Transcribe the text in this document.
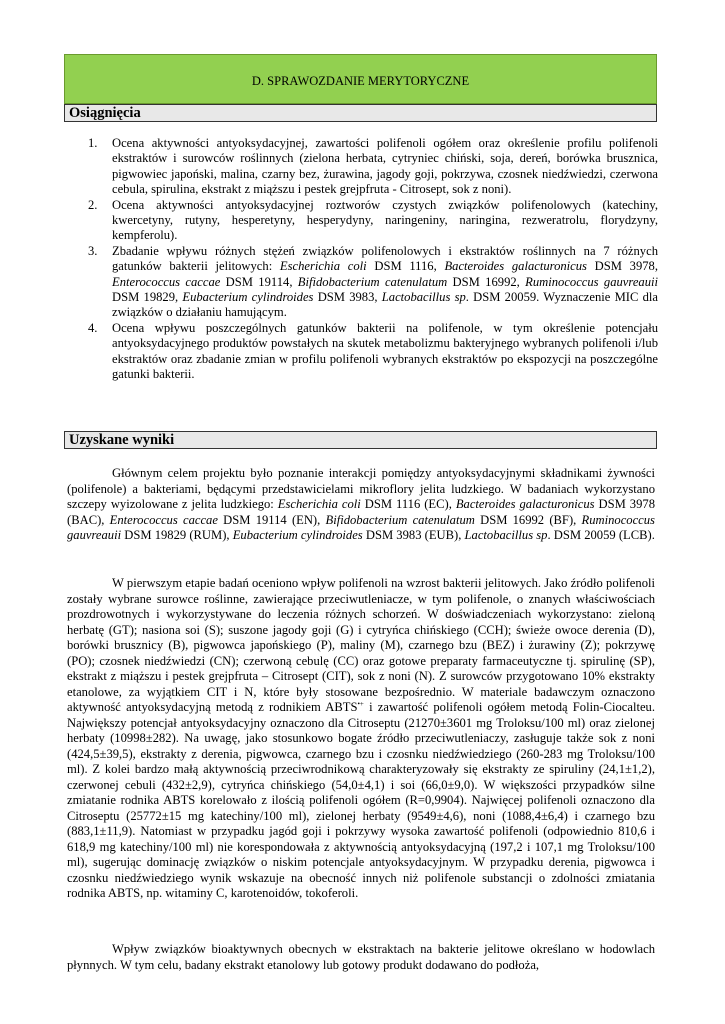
D. SPRAWOZDANIE MERYTORYCZNE
Osiągnięcia
1. Ocena aktywności antyoksydacyjnej, zawartości polifenoli ogółem oraz określenie profilu polifenoli ekstraktów i surowców roślinnych (zielona herbata, cytryniec chiński, soja, dereń, borówka brusznica, pigwowiec japoński, malina, czarny bez, żurawina, jagody goji, pokrzywa, czosnek niedźwiedzi, czerwona cebula, spirulina, ekstrakt z miąższu i pestek grejpfruta - Citrosept, sok z noni).
2. Ocena aktywności antyoksydacyjnej roztworów czystych związków polifenolowych (katechiny, kwercetyny, rutyny, hesperetyny, hesperydyny, naringeniny, naringina, rezweratrolu, florydzyny, kempferolu).
3. Zbadanie wpływu różnych stężeń związków polifenolowych i ekstraktów roślinnych na 7 różnych gatunków bakterii jelitowych: Escherichia coli DSM 1116, Bacteroides galacturonicus DSM 3978, Enterococcus caccae DSM 19114, Bifidobacterium catenulatum DSM 16992, Ruminococcus gauvreauii DSM 19829, Eubacterium cylindroides DSM 3983, Lactobacillus sp. DSM 20059. Wyznaczenie MIC dla związków o działaniu hamującym.
4. Ocena wpływu poszczególnych gatunków bakterii na polifenole, w tym określenie potencjału antyoksydacyjnego produktów powstałych na skutek metabolizmu bakteryjnego wybranych polifenoli i/lub ekstraktów oraz zbadanie zmian w profilu polifenoli wybranych ekstraktów po ekspozycji na poszczególne gatunki bakterii.
Uzyskane wyniki

Głównym celem projektu było poznanie interakcji pomiędzy antyoksydacyjnymi składnikami żywności (polifenole) a bakteriami, będącymi przedstawicielami mikroflory jelita ludzkiego. W badaniach wykorzystano szczepy wyizolowane z jelita ludzkiego: Escherichia coli DSM 1116 (EC), Bacteroides galacturonicus DSM 3978 (BAC), Enterococcus caccae DSM 19114 (EN), Bifidobacterium catenulatum DSM 16992 (BF), Ruminococcus gauvreauii DSM 19829 (RUM), Eubacterium cylindroides DSM 3983 (EUB), Lactobacillus sp. DSM 20059 (LCB).

W pierwszym etapie badań oceniono wpływ polifenoli na wzrost bakterii jelitowych. Jako źródło polifenoli zostały wybrane surowce roślinne, zawierające przeciwutleniacze, w tym polifenole, o znanych właściwościach prozdrowotnych i wykorzystywane do leczenia różnych schorzeń. W doświadczeniach wykorzystano: zieloną herbatę (GT); nasiona soi (S); suszone jagody goji (G) i cytryńca chińskiego (CCH); świeże owoce derenia (D), borówki brusznicy (B), pigwowca japońskiego (P), maliny (M), czarnego bzu (BEZ) i żurawiny (Z); pokrzywę (PO); czosnek niedźwiedzi (CN); czerwoną cebulę (CC) oraz gotowe preparaty farmaceutyczne tj. spirulinę (SP), ekstrakt z miąższu i pestek grejpfruta – Citrosept (CIT), sok z noni (N). Z surowców przygotowano 10% ekstrakty etanolowe, za wyjątkiem CIT i N, które były stosowane bezpośrednio. W materiale badawczym oznaczono aktywność antyoksydacyjną metodą z rodnikiem ABTS•+ i zawartość polifenoli ogółem metodą Folin-Ciocalteu. Największy potencjał antyoksydacyjny oznaczono dla Citroseptu (21270±3601 mg Troloksu/100 ml) oraz zielonej herbaty (10998±282). Na uwagę, jako stosunkowo bogate źródło przeciwutleniaczy, zasługuje także sok z noni (424,5±39,5), ekstrakty z derenia, pigwowca, czarnego bzu i czosnku niedźwiedziego (260-283 mg Troloksu/100 ml). Z kolei bardzo małą aktywnością przeciwrodnikową charakteryzowały się ekstrakty ze spiruliny (24,1±1,2), czerwonej cebuli (432±2,9), cytryńca chińskiego (54,0±4,1) i soi (66,0±9,0). W większości przypadków silne zmiatanie rodnika ABTS korelowało z ilością polifenoli ogółem (R=0,9904). Najwięcej polifenoli oznaczono dla Citroseptu (25772±15 mg katechiny/100 ml), zielonej herbaty (9549±4,6), noni (1088,4±6,4) i czarnego bzu (883,1±11,9). Natomiast w przypadku jagód goji i pokrzywy wysoka zawartość polifenoli (odpowiednio 810,6 i 618,9 mg katechiny/100 ml) nie korespondowała z aktywnością antyoksydacyjną (197,2 i 107,1 mg Troloksu/100 ml), sugerując dominację związków o niskim potencjale antyoksydacyjnym. W przypadku derenia, pigwowca i czosnku niedźwiedziego wynik wskazuje na obecność innych niż polifenole substancji o zdolności zmiatania rodnika ABTS, np. witaminy C, karotenoidów, tokoferoli.

Wpływ związków bioaktywnych obecnych w ekstraktach na bakterie jelitowe określano w hodowlach płynnych. W tym celu, badany ekstrakt etanolowy lub gotowy produkt dodawano do podłoża,
